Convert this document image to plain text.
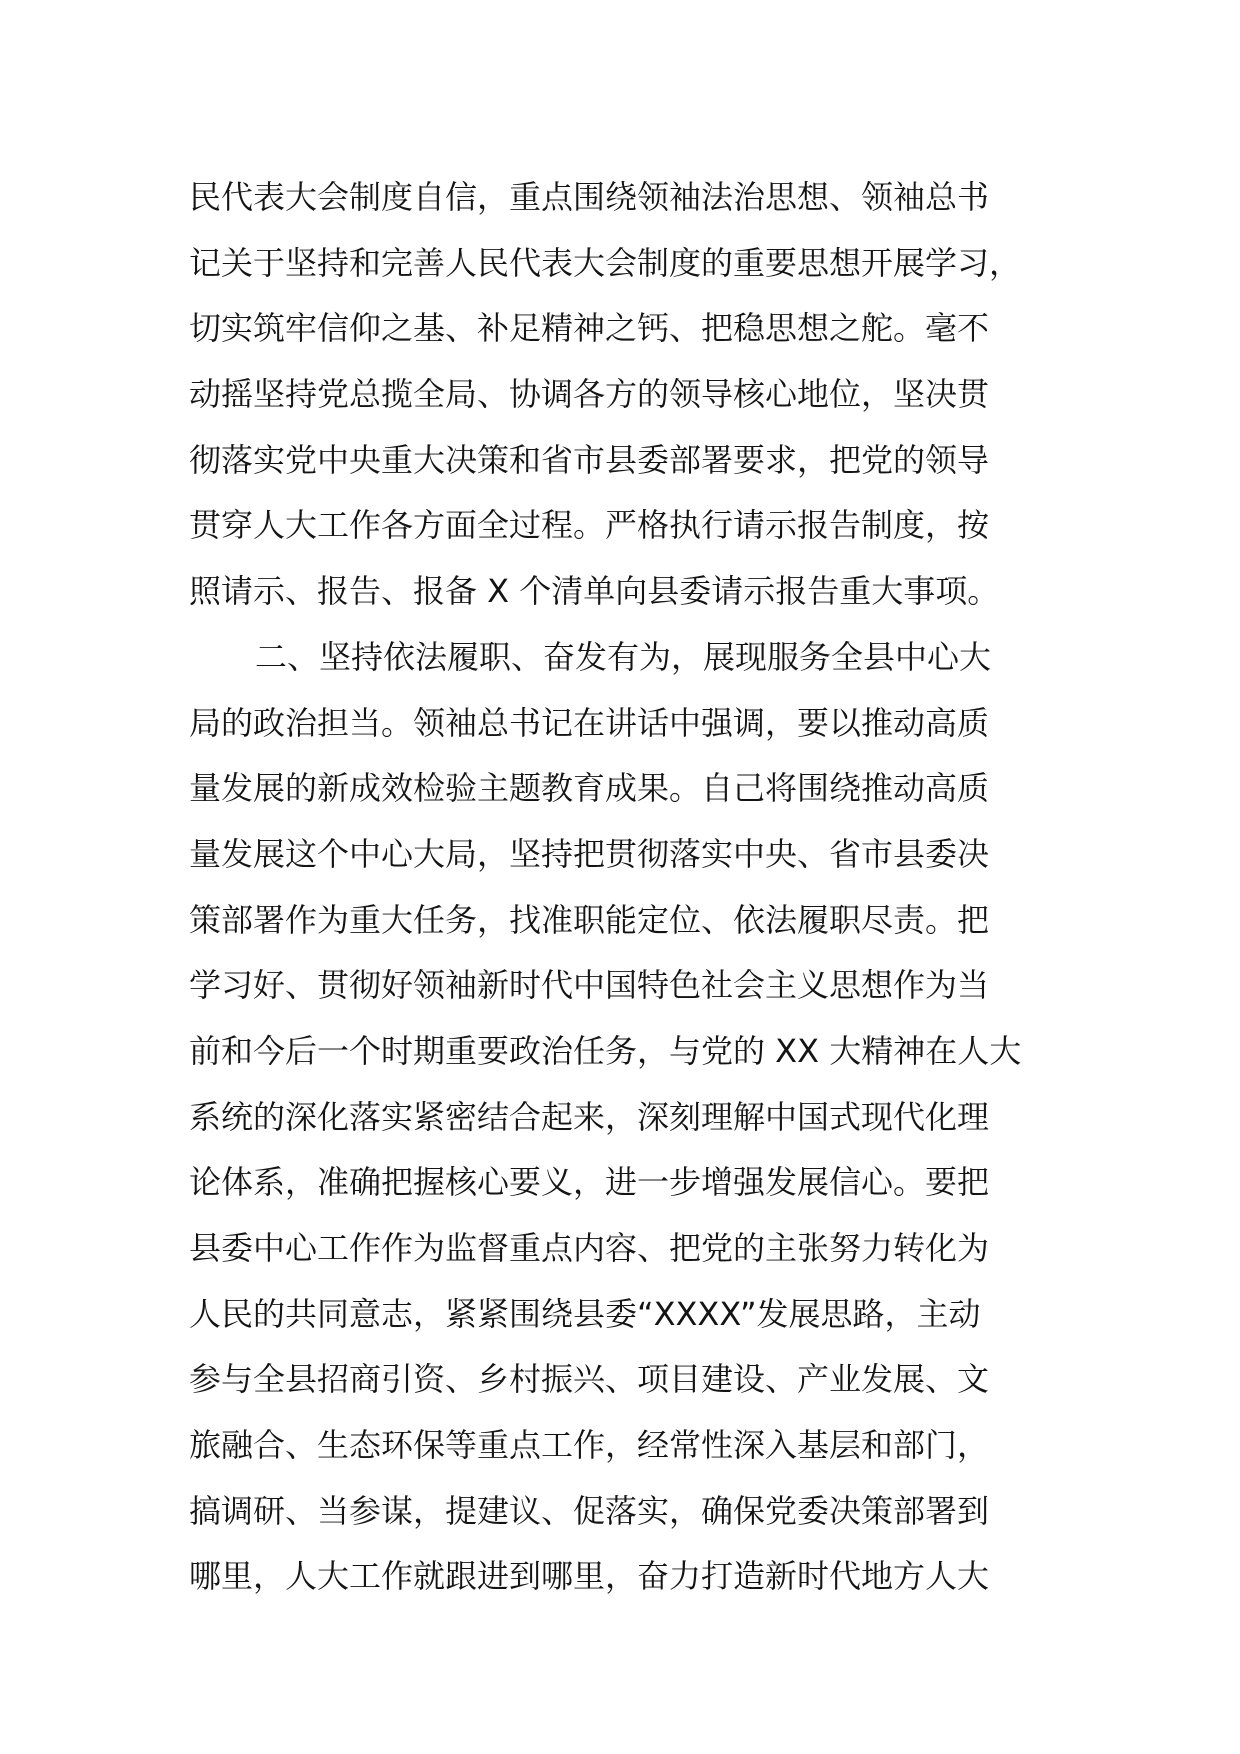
民代表大会制度自信，重点围绕领袖法治思想、领袖总书
记关于坚持和完善人民代表大会制度的重要思想开展学习，
切实筑牢信仰之基、补足精神之钙、把稳思想之舵。毫不
动摇坚持党总揽全局、协调各方的领导核心地位，坚决贯
彻落实党中央重大决策和省市县委部署要求，把党的领导
贯穿人大工作各方面全过程。严格执行请示报告制度，按
照请示、报告、报备 X 个清单向县委请示报告重大事项。
二、坚持依法履职、奋发有为，展现服务全县中心大
局的政治担当。领袖总书记在讲话中强调，要以推动高质
量发展的新成效检验主题教育成果。自己将围绕推动高质
量发展这个中心大局，坚持把贯彻落实中央、省市县委决
策部署作为重大任务，找准职能定位、依法履职尽责。把
学习好、贯彻好领袖新时代中国特色社会主义思想作为当
前和今后一个时期重要政治任务，与党的 XX 大精神在人大
系统的深化落实紧密结合起来，深刻理解中国式现代化理
论体系，准确把握核心要义，进一步增强发展信心。要把
县委中心工作作为监督重点内容、把党的主张努力转化为
人民的共同意志，紧紧围绕县委“XXXX”发展思路，主动
参与全县招商引资、乡村振兴、项目建设、产业发展、文
旅融合、生态环保等重点工作，经常性深入基层和部门，
搞调研、当参谋，提建议、促落实，确保党委决策部署到
哪里，人大工作就跟进到哪里，奋力打造新时代地方人大
